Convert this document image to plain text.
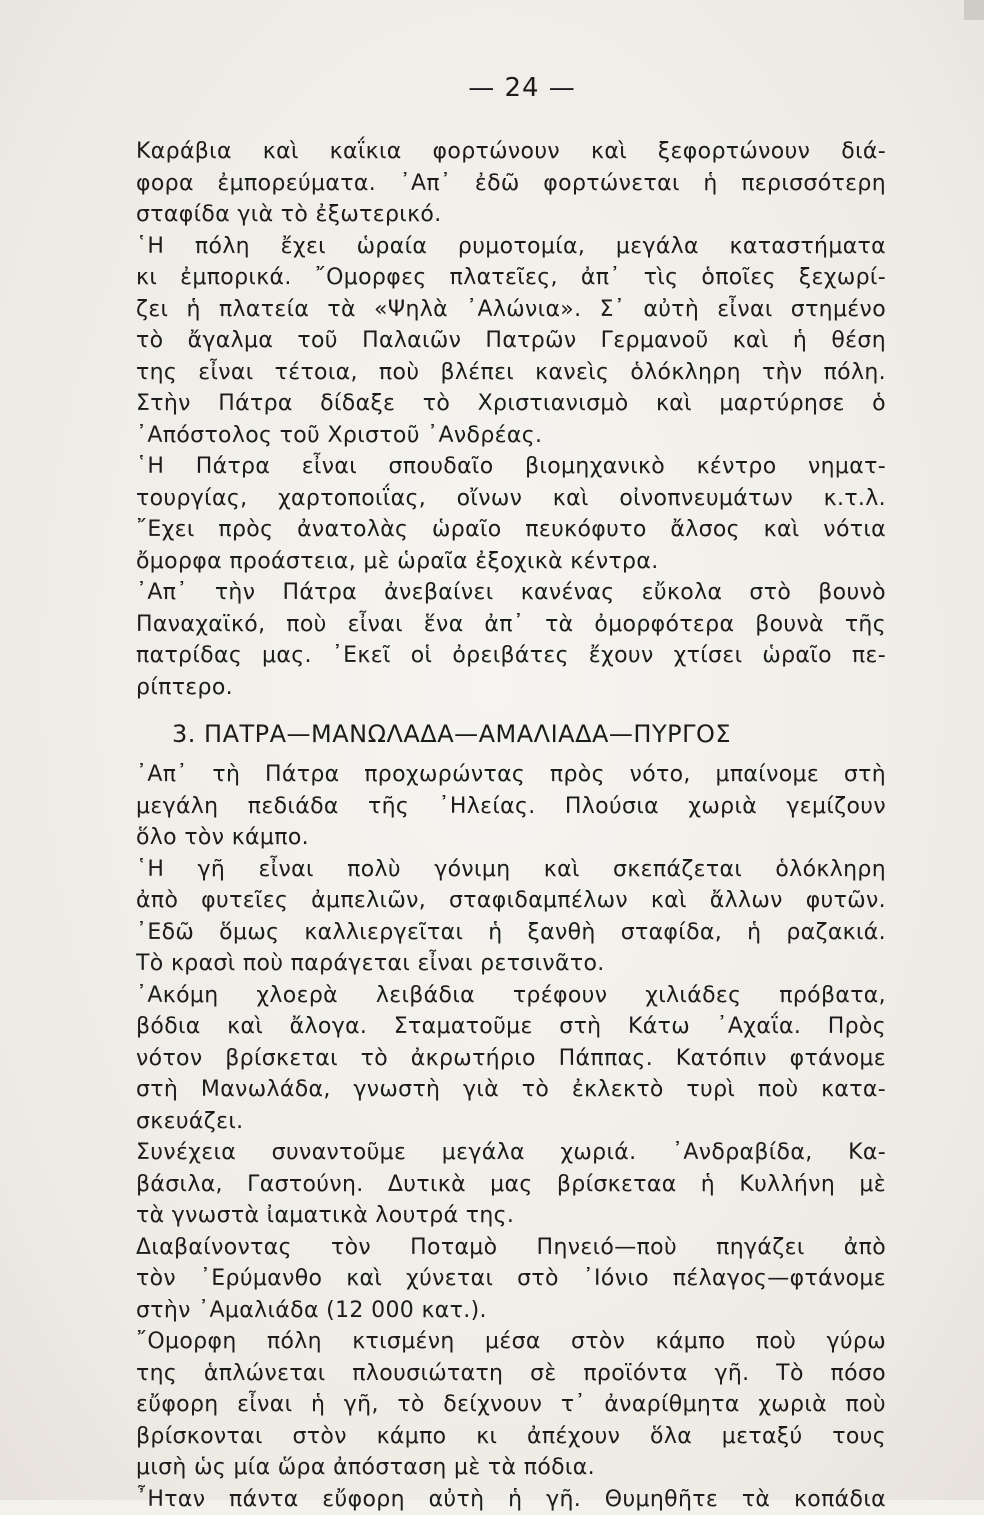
— 24 —
Καράβια καὶ καΐκια φορτώνουν καὶ ξεφορτώνουν διά-
φορα ἐμπορεύματα. ᾿Απ᾿ ἐδῶ φορτώνεται ἡ περισσότερη
σταφίδα γιὰ τὸ ἐξωτερικό.
῾Η πόλη ἔχει ὡραία ρυμοτομία, μεγάλα καταστήματα
κι ἐμπορικά. ῎Ομορφες πλατεῖες, ἀπ᾿ τὶς ὁποῖες ξεχωρί-
ζει ἡ πλατεία τὰ «Ψηλὰ ᾿Αλώνια». Σ᾿ αὐτὴ εἶναι στημένο
τὸ ἄγαλμα τοῦ Παλαιῶν Πατρῶν Γερμανοῦ καὶ ἡ θέση
της εἶναι τέτοια, ποὺ βλέπει κανεὶς ὁλόκληρη τὴν πόλη.
Στὴν Πάτρα δίδαξε τὸ Χριστιανισμὸ καὶ μαρτύρησε ὁ
᾿Απόστολος τοῦ Χριστοῦ ᾿Ανδρέας.
῾Η Πάτρα εἶναι σπουδαῖο βιομηχανικὸ κέντρο νηματ-
τουργίας, χαρτοποιΐας, οἴνων καὶ οἰνοπνευμάτων κ.τ.λ.
῎Εχει πρὸς ἀνατολὰς ὡραῖο πευκόφυτο ἄλσος καὶ νότια
ὄμορφα προάστεια, μὲ ὡραῖα ἐξοχικὰ κέντρα.
᾿Απ᾿ τὴν Πάτρα ἀνεβαίνει κανένας εὔκολα στὸ βουνὸ
Παναχαϊκό, ποὺ εἶναι ἕνα ἀπ᾿ τὰ ὀμορφότερα βουνὰ τῆς
πατρίδας μας. ᾿Εκεῖ οἱ ὀρειβάτες ἔχουν χτίσει ὡραῖο πε-
ρίπτερο.
3. ΠΑΤΡΑ—ΜΑΝΩΛΑΔΑ—ΑΜΑΛΙΑΔΑ—ΠΥΡΓΟΣ
᾿Απ᾿ τὴ Πάτρα προχωρώντας πρὸς νότο, μπαίνομε στὴ
μεγάλη πεδιάδα τῆς ᾿Ηλείας. Πλούσια χωριὰ γεμίζουν
ὅλο τὸν κάμπο.
῾Η γῆ εἶναι πολὺ γόνιμη καὶ σκεπάζεται ὁλόκληρη
ἀπὸ φυτεῖες ἀμπελιῶν, σταφιδαμπέλων καὶ ἄλλων φυτῶν.
᾿Εδῶ ὅμως καλλιεργεῖται ἡ ξανθὴ σταφίδα, ἡ ραζακιά.
Τὸ κρασὶ ποὺ παράγεται εἶναι ρετσινᾶτο.
᾿Ακόμη χλοερὰ λειβάδια τρέφουν χιλιάδες πρόβατα,
βόδια καὶ ἄλογα. Σταματοῦμε στὴ Κάτω ᾿Αχαΐα. Πρὸς
νότον βρίσκεται τὸ ἀκρωτήριο Πάππας. Κατόπιν φτάνομε
στὴ Μανωλάδα, γνωστὴ γιὰ τὸ ἐκλεκτὸ τυρὶ ποὺ κατα-
σκευάζει.
Συνέχεια συναντοῦμε μεγάλα χωριά. ᾿Ανδραβίδα, Κα-
βάσιλα, Γαστούνη. Δυτικὰ μας βρίσκεταα ἡ Κυλλήνη μὲ
τὰ γνωστὰ ἰαματικὰ λουτρά της.
Διαβαίνοντας τὸν Ποταμὸ Πηνειό—ποὺ πηγάζει ἀπὸ
τὸν ᾿Ερύμανθο καὶ χύνεται στὸ ᾿Ιόνιο πέλαγος—φτάνομε
στὴν ᾿Αμαλιάδα (12 000 κατ.).
῎Ομορφη πόλη κτισμένη μέσα στὸν κάμπο ποὺ γύρω
της ἁπλώνεται πλουσιώτατη σὲ προϊόντα γῆ. Τὸ πόσο
εὔφορη εἶναι ἡ γῆ, τὸ δείχνουν τ᾿ ἀναρίθμητα χωριὰ ποὺ
βρίσκονται στὸν κάμπο κι ἀπέχουν ὅλα μεταξύ τους
μισὴ ὡς μία ὥρα ἀπόσταση μὲ τὰ πόδια.
῏Ηταν πάντα εὔφορη αὐτὴ ἡ γῆ. Θυμηθῆτε τὰ κοπάδια
